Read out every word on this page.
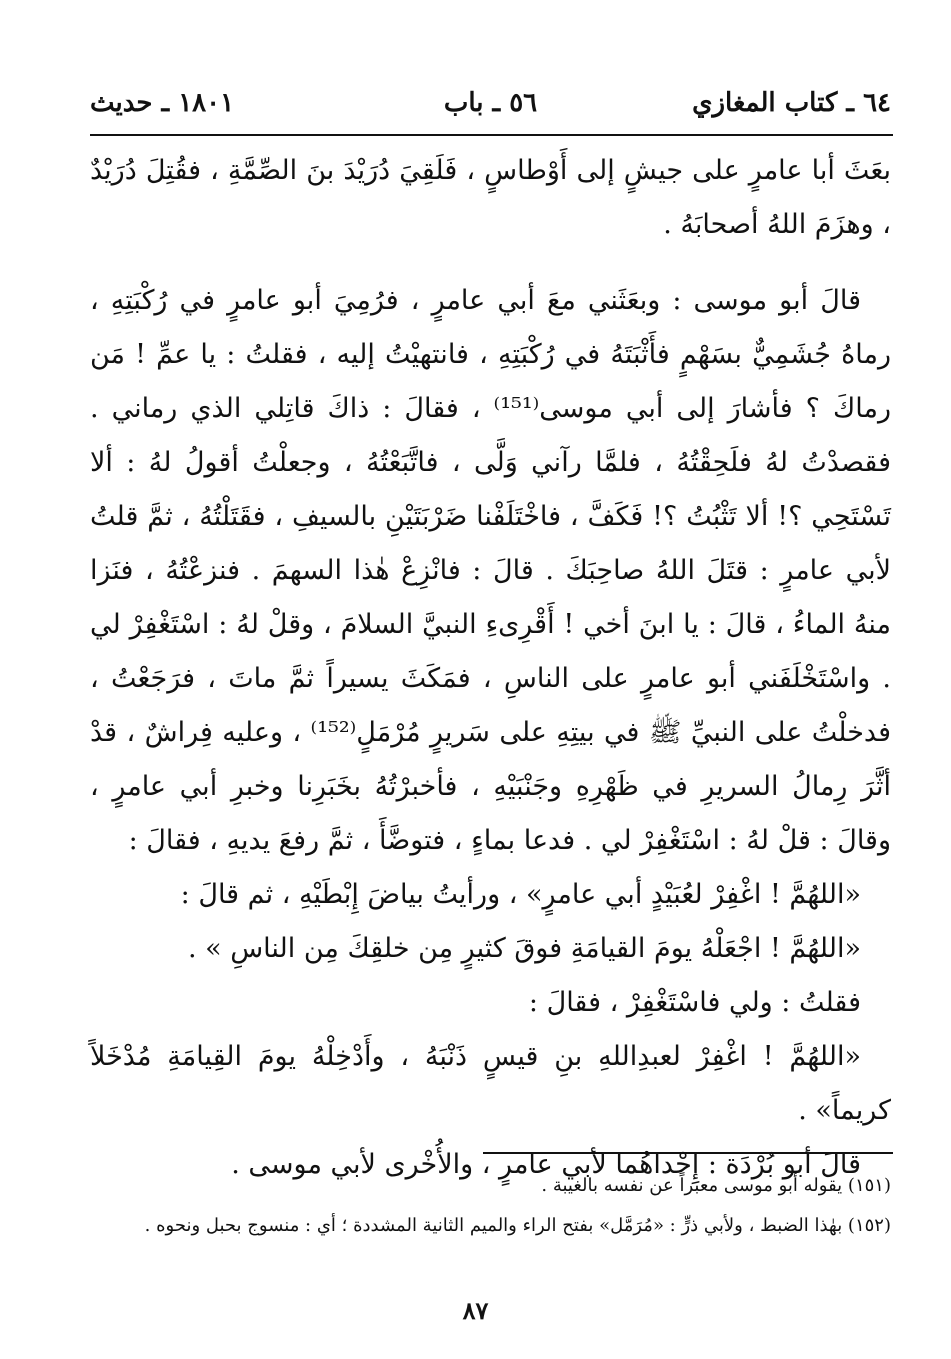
٦٤ ـ كتاب المغازي
٥٦ ـ باب
١٨٠١ ـ حديث

بعَثَ أبا عامرٍ على جيشٍ إلى أَوْطاسٍ ، فَلَقِيَ دُرَيْدَ بنَ الصِّمَّةِ ، فقُتِلَ دُرَيْدٌ ، وهزَمَ اللهُ أصحابَهُ .

قالَ أبو موسى : وبعَثَني معَ أبي عامرٍ ، فرُمِيَ أبو عامرٍ في رُكْبَتِهِ ، رماهُ جُشَمِيٌّ بسَهْمٍ فأَثْبَتَهُ في رُكْبَتِهِ ، فانتهيْتُ إليه ، فقلتُ : يا عمِّ ! مَن رماكَ ؟ فأشارَ إلى أبي موسى⁽¹⁵¹⁾ ، فقالَ : ذاكَ قاتِلي الذي رماني . فقصدْتُ لهُ فلَحِقْتُهُ ، فلمَّا رآني وَلَّى ، فاتَّبَعْتُهُ ، وجعلْتُ أقولُ لهُ : ألا تَسْتَحِي ؟! ألا تَثْبُتُ ؟! فَكَفَّ ، فاخْتَلَفْنا ضَرْبَتَيْنِ بالسيفِ ، فقَتَلْتُهُ ، ثمَّ قلتُ لأبي عامرٍ : قتَلَ اللهُ صاحِبَكَ . قالَ : فانْزِعْ هٰذا السهمَ . فنزعْتُهُ ، فنَزا منهُ الماءُ ، قالَ : يا ابنَ أخي ! أَقْرِىءِ النبيَّ السلامَ ، وقلْ لهُ : اسْتَغْفِرْ لي . واسْتَخْلَفَني أبو عامرٍ على الناسِ ، فمَكَثَ يسيراً ثمَّ ماتَ ، فرَجَعْتُ ، فدخلْتُ على النبيِّ ﷺ في بيتِهِ على سَريرٍ مُرْمَلٍ⁽¹⁵²⁾ ، وعليه فِراشٌ ، قدْ أثَّرَ رِمالُ السريرِ في ظَهْرِهِ وجَنْبَيْهِ ، فأخبرْتُهُ بخَبَرِنا وخبرِ أبي عامرٍ ، وقالَ : قلْ لهُ : اسْتَغْفِرْ لي . فدعا بماءٍ ، فتوضَّأَ ، ثمَّ رفعَ يديهِ ، فقالَ :

«اللهُمَّ ! اغْفِرْ لعُبَيْدٍ أبي عامرٍ» ، ورأيتُ بياضَ إِبْطَيْهِ ، ثم قالَ :

«اللهُمَّ ! اجْعَلْهُ يومَ القيامَةِ فوقَ كثيرٍ مِن خلقِكَ مِن الناسِ » .

فقلتُ : ولي فاسْتَغْفِرْ ، فقالَ :

«اللهُمَّ ! اغْفِرْ لعبدِاللهِ بنِ قيسٍ ذَنْبَهُ ، وأَدْخِلْهُ يومَ القِيامَةِ مُدْخَلاً كريماً» .

قالَ أبو بُرْدَة : إِحْداهُما لأبي عامرٍ ، والأُخْرى لأبي موسى .

(١٥١) يقوله أبو موسى معبراً عن نفسه بالغيبة .

(١٥٢) بهٰذا الضبط ، ولأبي ذرٍّ : «مُرَمَّل» بفتح الراء والميم الثانية المشددة ؛ أي : منسوج بحبل ونحوه .

٨٧
